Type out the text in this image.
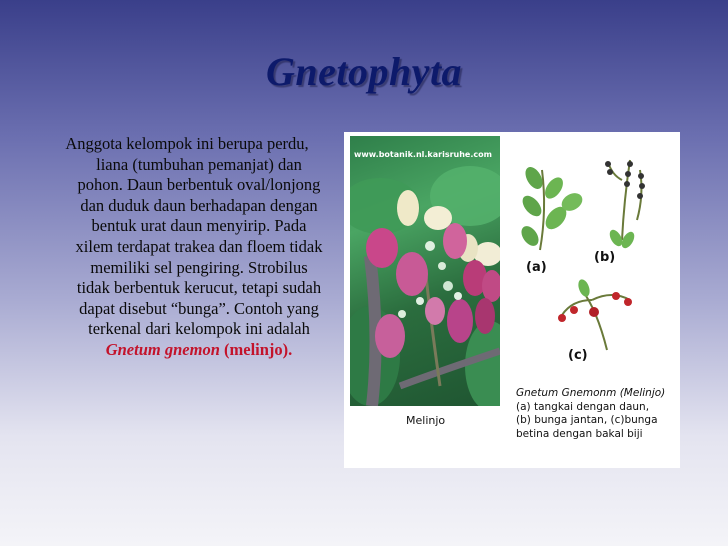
Gnetophyta
Anggota kelompok ini berupa perdu, liana (tumbuhan pemanjat) dan pohon. Daun berbentuk oval/lonjong dan duduk daun berhadapan dengan bentuk urat daun menyirip. Pada xilem terdapat trakea dan floem tidak memiliki sel pengiring. Strobilus tidak berbentuk kerucut, tetapi sudah dapat disebut “bunga”. Contoh yang terkenal dari kelompok ini adalah Gnetum gnemon (melinjo).
www.botanik.nl.karisruhe.com
Melinjo
(a)
(b)
(c)
Gnetum Gnemonm (Melinjo)
(a) tangkai dengan daun,
(b) bunga jantan, (c)bunga
betina dengan bakal biji
